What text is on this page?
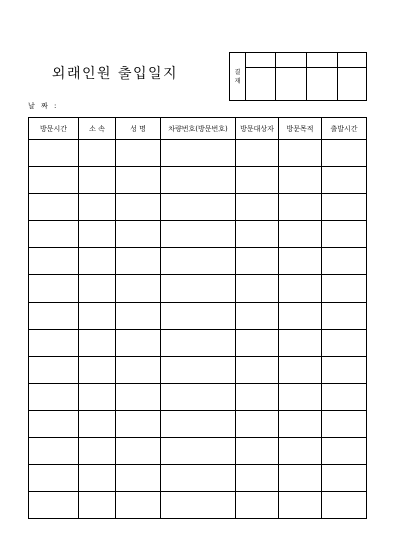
외래인원 출입일지	결
재				

날 짜 :
방문시간	소 속	성 명	차량번호(방문번호)	방문대상자	방문목적	출발시간
